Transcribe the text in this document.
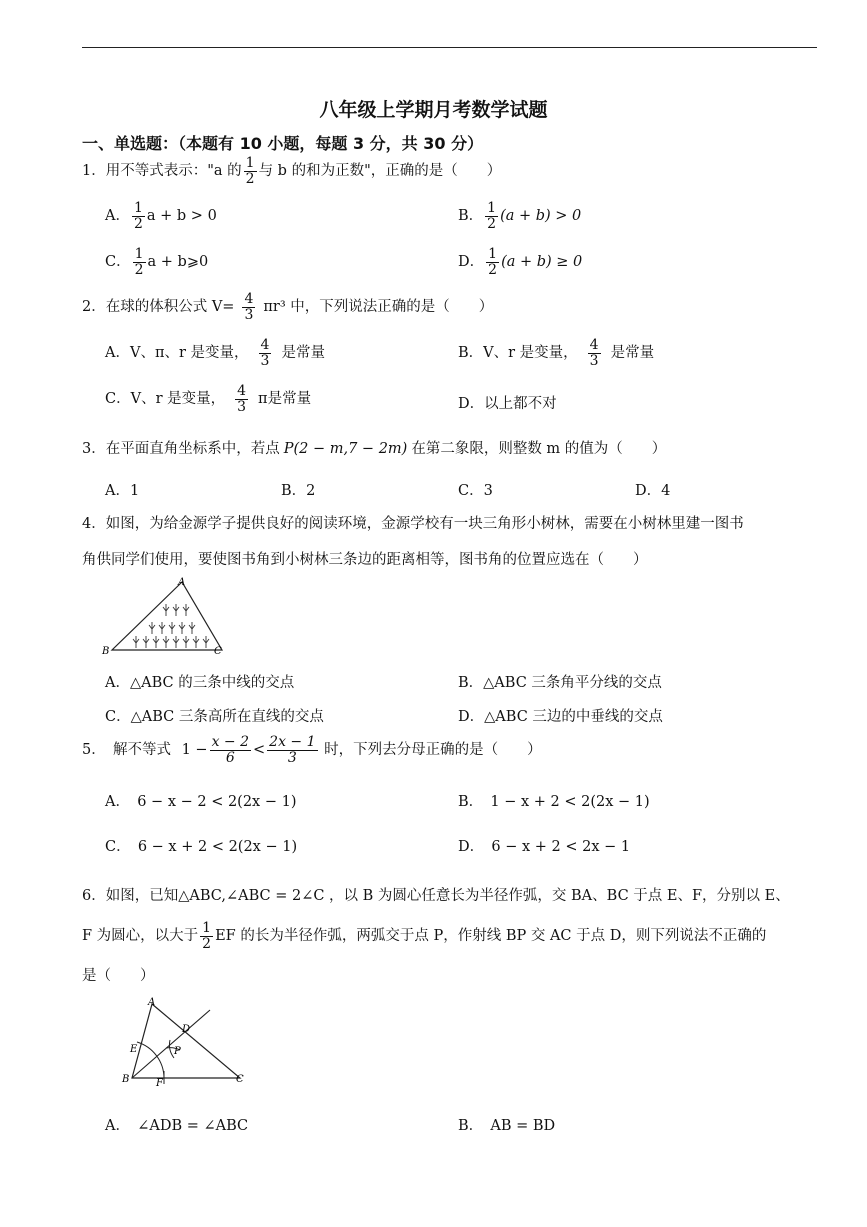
八年级上学期月考数学试题
一、单选题：（本题有 10 小题，每题 3 分，共 30 分）
1．用不等式表示："a 的 $\frac{1}{2}$ 与 b 的和为正数"，正确的是（　　）
A． $\frac{1}{2}$ a + b > 0	B． $\frac{1}{2} (a + b) > 0$
C． $\frac{1}{2}$ a + b⩾0	D． $\frac{1}{2} (a + b) \ge 0$
2．在球的体积公式 $V= \frac{4}{3} \pi r^3$ 中，下列说法正确的是（　　）
A．V、π、r 是变量， $\frac{4}{3}$ 是常量	B．V、r 是变量， $\frac{4}{3}$ 是常量
C．V、r 是变量， $\frac{4}{3}$ π是常量	D．以上都不对
3．在平面直角坐标系中，若点 P(2 − m,7 − 2m) 在第二象限，则整数 m 的值为（　　）
A．1	B．2	C．3	D．4
4．如图，为给金源学子提供良好的阅读环境，金源学校有一块三角形小树林，需要在小树林里建一图书
角供同学们使用，要使图书角到小树林三条边的距离相等，图书角的位置应选在（　　）
A
B	C
A．△ABC 的三条中线的交点	B．△ABC 三条角平分线的交点
C．△ABC 三条高所在直线的交点	D．△ABC 三边的中垂线的交点
5．　解不等式 $1 - \frac{x - 2}{6} < \frac{2x - 1}{3}$ 时，下列去分母正确的是（　　）
A．　6 − x − 2 < 2(2x − 1)	B．　1 − x + 2 < 2(2x − 1)
C．　6 − x + 2 < 2(2x − 1)	D．　6 − x + 2 < 2x − 1
6．如图，已知△ABC,∠ABC = 2∠C ，以 B 为圆心任意长为半径作弧，交 BA、BC 于点 E、F，分别以 E、
F 为圆心，以大于 $\frac{1}{2}$ EF 的长为半径作弧，两弧交于点 P，作射线 BP 交 AC 于点 D，则下列说法不正确的
是（　　）
A
B	C
D
E
F
P
A．　∠ADB = ∠ABC	B．　AB = BD
